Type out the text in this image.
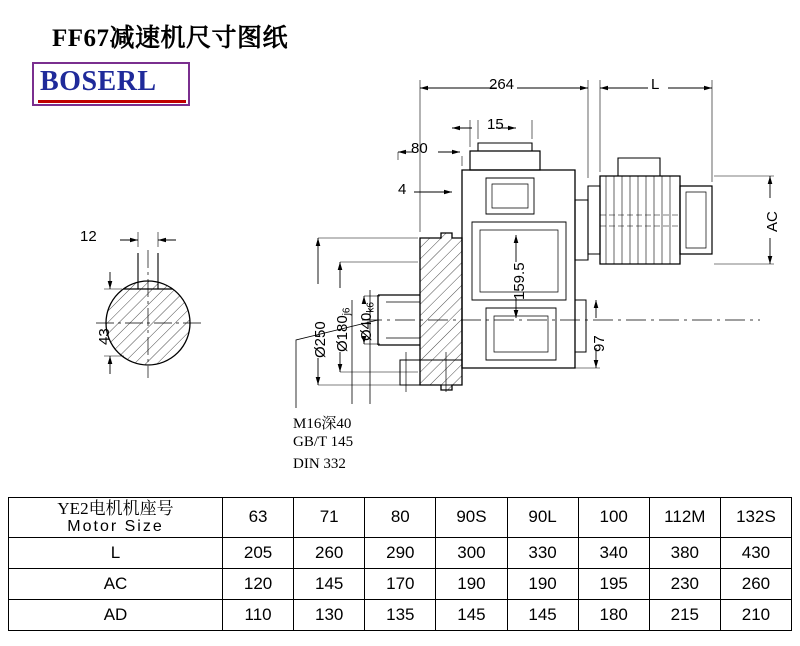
FF67减速机尺寸图纸
BOSERL
12
43
264	L
15
80
4
Ø250 $Ø180_{j6}$
$Ø40_{k6}$
159.5
97
AC
M16深40
GB/T 145
DIN 332
YE2电机机座号
Motor Size	63	71	80	90S	90L	100	112M	132S
L	205	260	290	300	330	340	380	430
AC	120	145	170	190	190	195	230	260
AD	110	130	135	145	145	180	215	210
